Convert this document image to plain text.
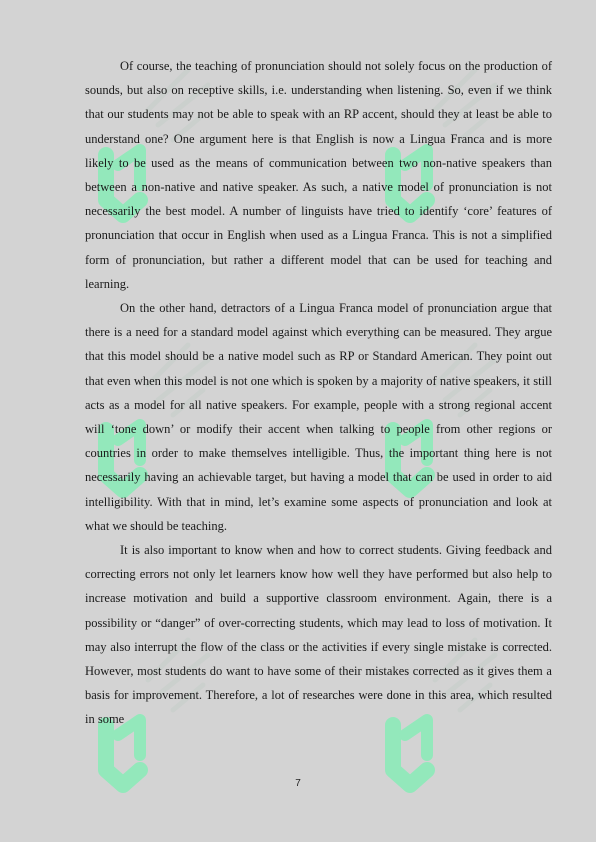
Of course, the teaching of pronunciation should not solely focus on the production of sounds, but also on receptive skills, i.e. understanding when listening. So, even if we think that our students may not be able to speak with an RP accent, should they at least be able to understand one? One argument here is that English is now a Lingua Franca and is more likely to be used as the means of communication between two non-native speakers than between a non-native and native speaker. As such, a native model of pronunciation is not necessarily the best model. A number of linguists have tried to identify ‘core’ features of pronunciation that occur in English when used as a Lingua Franca. This is not a simplified form of pronunciation, but rather a different model that can be used for teaching and learning.

On the other hand, detractors of a Lingua Franca model of pronunciation argue that there is a need for a standard model against which everything can be measured. They argue that this model should be a native model such as RP or Standard American. They point out that even when this model is not one which is spoken by a majority of native speakers, it still acts as a model for all native speakers. For example, people with a strong regional accent will ‘tone down’ or modify their accent when talking to people from other regions or countries in order to make themselves intelligible. Thus, the important thing here is not necessarily having an achievable target, but having a model that can be used in order to aid intelligibility. With that in mind, let’s examine some aspects of pronunciation and look at what we should be teaching.

It is also important to know when and how to correct students. Giving feedback and correcting errors not only let learners know how well they have performed but also help to increase motivation and build a supportive classroom environment. Again, there is a possibility or “danger” of over-correcting students, which may lead to loss of motivation. It may also interrupt the flow of the class or the activities if every single mistake is corrected. However, most students do want to have some of their mistakes corrected as it gives them a basis for improvement. Therefore, a lot of researches were done in this area, which resulted in some

7
